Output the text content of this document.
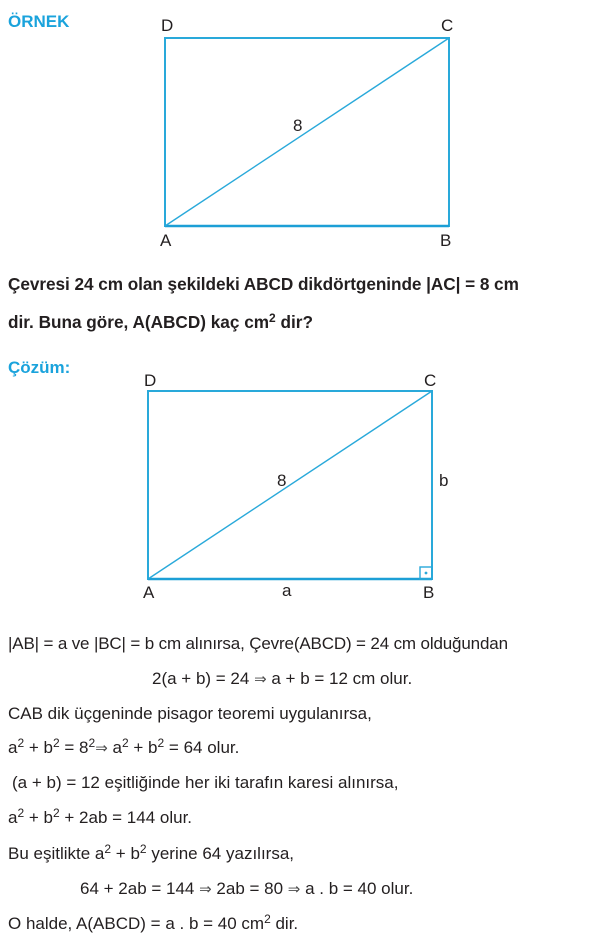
ÖRNEK	D	C
A	B
8
Çevresi 24 cm olan şekildeki ABCD dikdörtgeninde |AC| = 8 cm
dir. Buna göre, A(ABCD) kaç $cm^2$ dir?
Çözüm:
D	C
A	B
8
a
b
|AB| = a ve |BC| = b cm alınırsa, Çevre(ABCD) = 24 cm olduğundan
2(a + b) = 24 ⇒ a + b = 12 cm olur.
CAB dik üçgeninde pisagor teoremi uygulanırsa,
$a^2 + b^2$ = $8^2\Rightarrow$ $a^2 + b^2 = 64$ olur.
(a + b) = 12 eşitliğinde her iki tarafın karesi alınırsa,
$a^2 + b^2 + 2ab = 144$ olur.
Bu eşitlikte $a^2 + b^2$ yerine 64 yazılırsa,
64 + 2ab = 144 ⇒ 2ab = 80 ⇒ a . b = 40 olur.
O halde, A(ABCD) = a . b = 40 $cm^2$ dir.
